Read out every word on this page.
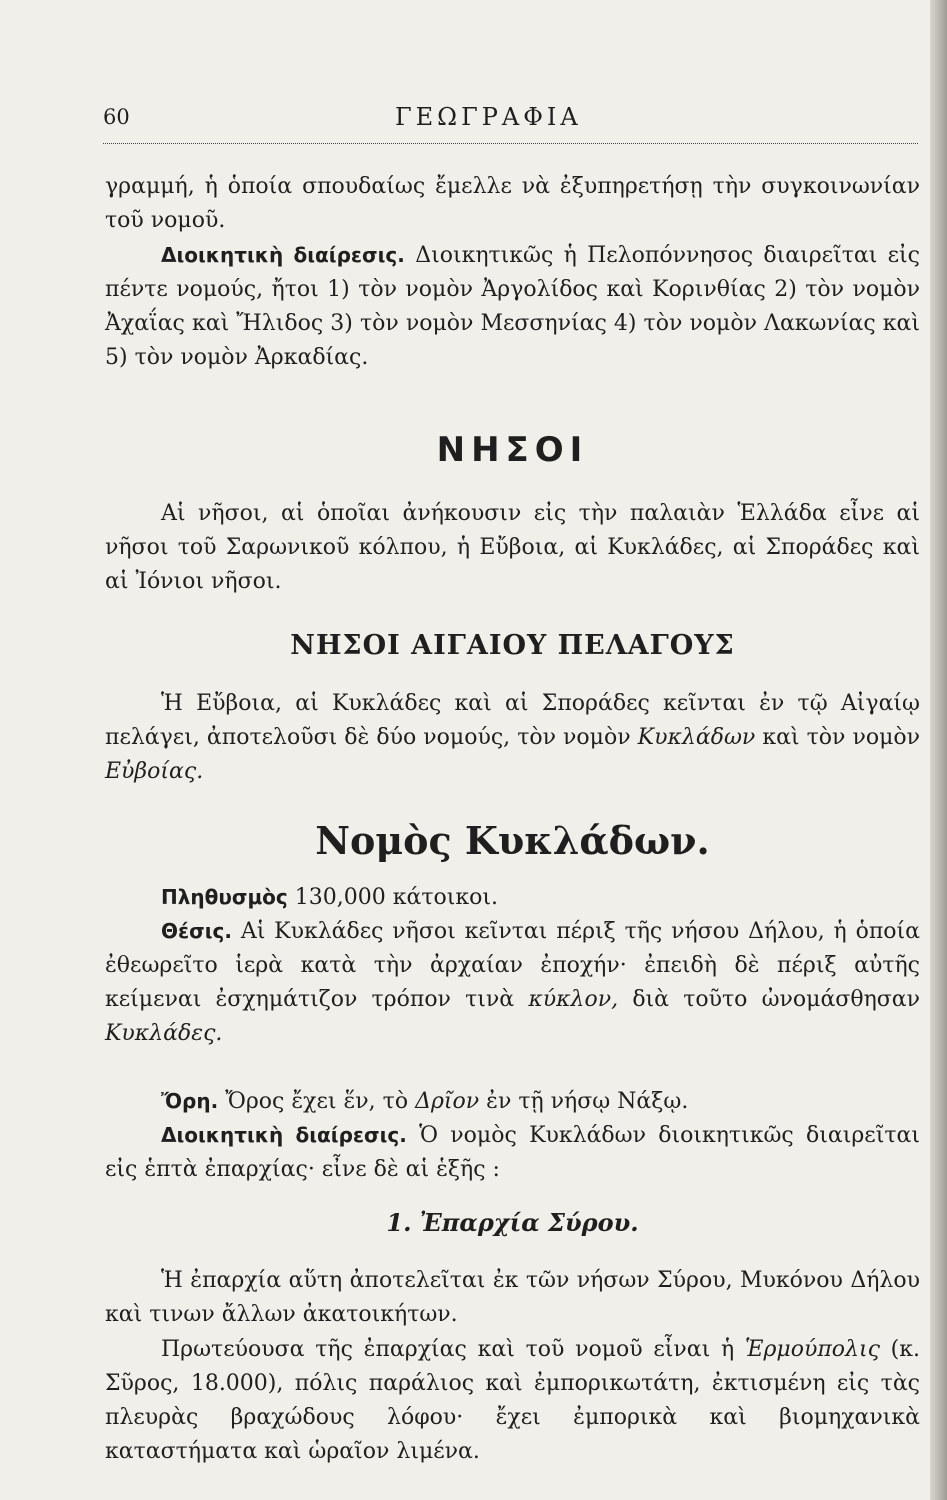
60	ΓΕΩΓΡΑΦΙΑ

γραμμή, ἡ ὁποία σπουδαίως ἔμελλε νὰ ἐξυπηρετήσῃ τὴν συγκοινωνίαν τοῦ νομοῦ.

Διοικητικὴ διαίρεσις. Διοικητικῶς ἡ Πελοπόννησος διαιρεῖται εἰς πέντε νομούς, ἤτοι 1) τὸν νομὸν Ἀργολίδος καὶ Κορινθίας 2) τὸν νομὸν Ἀχαΐας καὶ Ἤλιδος 3) τὸν νομὸν Μεσσηνίας 4) τὸν νομὸν Λακωνίας καὶ 5) τὸν νομὸν Ἀρκαδίας.

ΝΗΣΟΙ

Αἱ νῆσοι, αἱ ὁποῖαι ἀνήκουσιν εἰς τὴν παλαιὰν Ἑλλάδα εἶνε αἱ νῆσοι τοῦ Σαρωνικοῦ κόλπου, ἡ Εὔβοια, αἱ Κυκλάδες, αἱ Σποράδες καὶ αἱ Ἰόνιοι νῆσοι.

ΝΗΣΟΙ ΑΙΓΑΙΟΥ ΠΕΛΑΓΟΥΣ

Ἡ Εὔβοια, αἱ Κυκλάδες καὶ αἱ Σποράδες κεῖνται ἐν τῷ Αἰγαίῳ πελάγει, ἀποτελοῦσι δὲ δύο νομούς, τὸν νομὸν Κυκλάδων καὶ τὸν νομὸν Εὐβοίας.

Νομὸς Κυκλάδων.

Πληθυσμὸς 130,000 κάτοικοι.

Θέσις. Αἱ Κυκλάδες νῆσοι κεῖνται πέριξ τῆς νήσου Δήλου, ἡ ὁποία ἐθεωρεῖτο ἱερὰ κατὰ τὴν ἀρχαίαν ἐποχήν· ἐπειδὴ δὲ πέριξ αὐτῆς κείμεναι ἐσχημάτιζον τρόπον τινὰ κύκλον, διὰ τοῦτο ὠνομάσθησαν Κυκλάδες.

Ὄρη. Ὄρος ἔχει ἕν, τὸ Δρῖον ἐν τῇ νήσῳ Νάξῳ.

Διοικητικὴ διαίρεσις. Ὁ νομὸς Κυκλάδων διοικητικῶς διαιρεῖται εἰς ἑπτὰ ἐπαρχίας· εἶνε δὲ αἱ ἑξῆς :

1. Ἐπαρχία Σύρου.

Ἡ ἐπαρχία αὕτη ἀποτελεῖται ἐκ τῶν νήσων Σύρου, Μυκόνου Δήλου καὶ τινων ἄλλων ἀκατοικήτων.

Πρωτεύουσα τῆς ἐπαρχίας καὶ τοῦ νομοῦ εἶναι ἡ Ἑρμούπολις (κ. Σῦρος, 18.000), πόλις παράλιος καὶ ἐμπορικωτάτη, ἐκτισμένη εἰς τὰς πλευρὰς βραχώδους λόφου· ἔχει ἐμπορικὰ καὶ βιομηχανικὰ καταστήματα καὶ ὡραῖον λιμένα.
